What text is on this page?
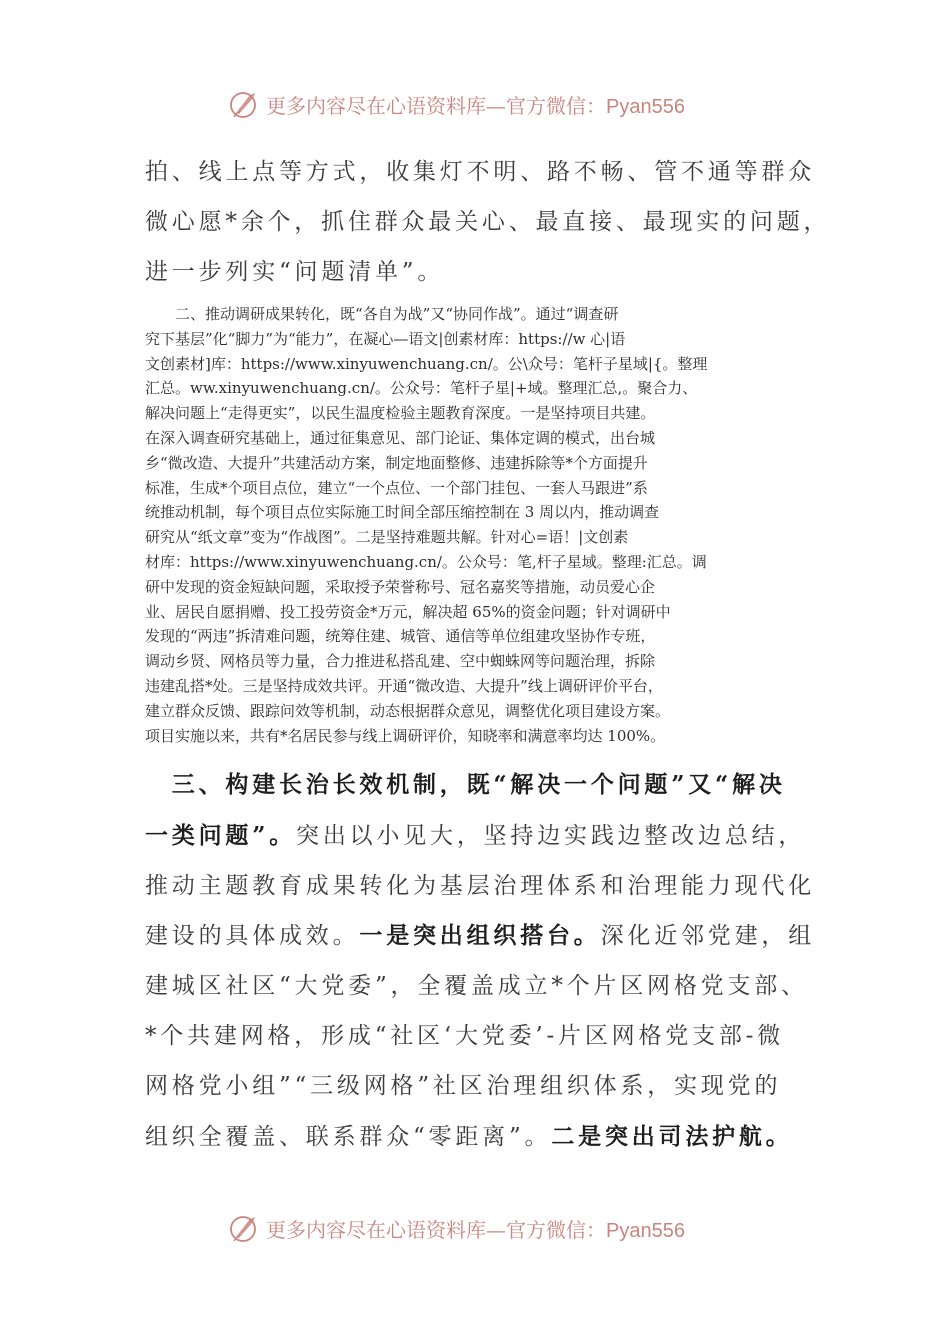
更多内容尽在心语资料库—官方微信：Pyan556
拍、线上点等方式，收集灯不明、路不畅、管不通等群众
微心愿*余个，抓住群众最关心、最直接、最现实的问题，
进一步列实“问题清单”。
　　二、推动调研成果转化，既“各自为战”又“协同作战”。通过“调查研
究下基层”化“脚力”为“能力”，在凝心—语文|创素材库：https://w 心|语
文创素材]库：https://www.xinyuwenchuang.cn/。公\众号：笔杆子星域|{。整理
汇总。ww.xinyuwenchuang.cn/。公众号：笔杆子星|+域。整理汇总,。聚合力、
解决问题上“走得更实”，以民生温度检验主题教育深度。一是坚持项目共建。
在深入调查研究基础上，通过征集意见、部门论证、集体定调的模式，出台城
乡“微改造、大提升”共建活动方案，制定地面整修、违建拆除等*个方面提升
标准，生成*个项目点位，建立“一个点位、一个部门挂包、一套人马跟进”系
统推动机制，每个项目点位实际施工时间全部压缩控制在 3 周以内，推动调查
研究从“纸文章”变为“作战图”。二是坚持难题共解。针对心=语！|文创素
材库：https://www.xinyuwenchuang.cn/。公众号：笔,杆子星域。整理:汇总。调
研中发现的资金短缺问题，采取授予荣誉称号、冠名嘉奖等措施，动员爱心企
业、居民自愿捐赠、投工投劳资金*万元，解决超 65%的资金问题；针对调研中
发现的“两违”拆清难问题，统筹住建、城管、通信等单位组建攻坚协作专班，
调动乡贤、网格员等力量，合力推进私搭乱建、空中蜘蛛网等问题治理，拆除
违建乱搭*处。三是坚持成效共评。开通“微改造、大提升”线上调研评价平台，
建立群众反馈、跟踪问效等机制，动态根据群众意见，调整优化项目建设方案。
项目实施以来，共有*名居民参与线上调研评价，知晓率和满意率均达 100%。
　三、构建长治长效机制，既“解决一个问题”又“解决
一类问题”。突出以小见大，坚持边实践边整改边总结，
推动主题教育成果转化为基层治理体系和治理能力现代化
建设的具体成效。一是突出组织搭台。深化近邻党建，组
建城区社区“大党委”，全覆盖成立*个片区网格党支部、
*个共建网格，形成“社区‘大党委’-片区网格党支部-微
网格党小组”“三级网格”社区治理组织体系，实现党的
组织全覆盖、联系群众“零距离”。二是突出司法护航。
更多内容尽在心语资料库—官方微信：Pyan556
